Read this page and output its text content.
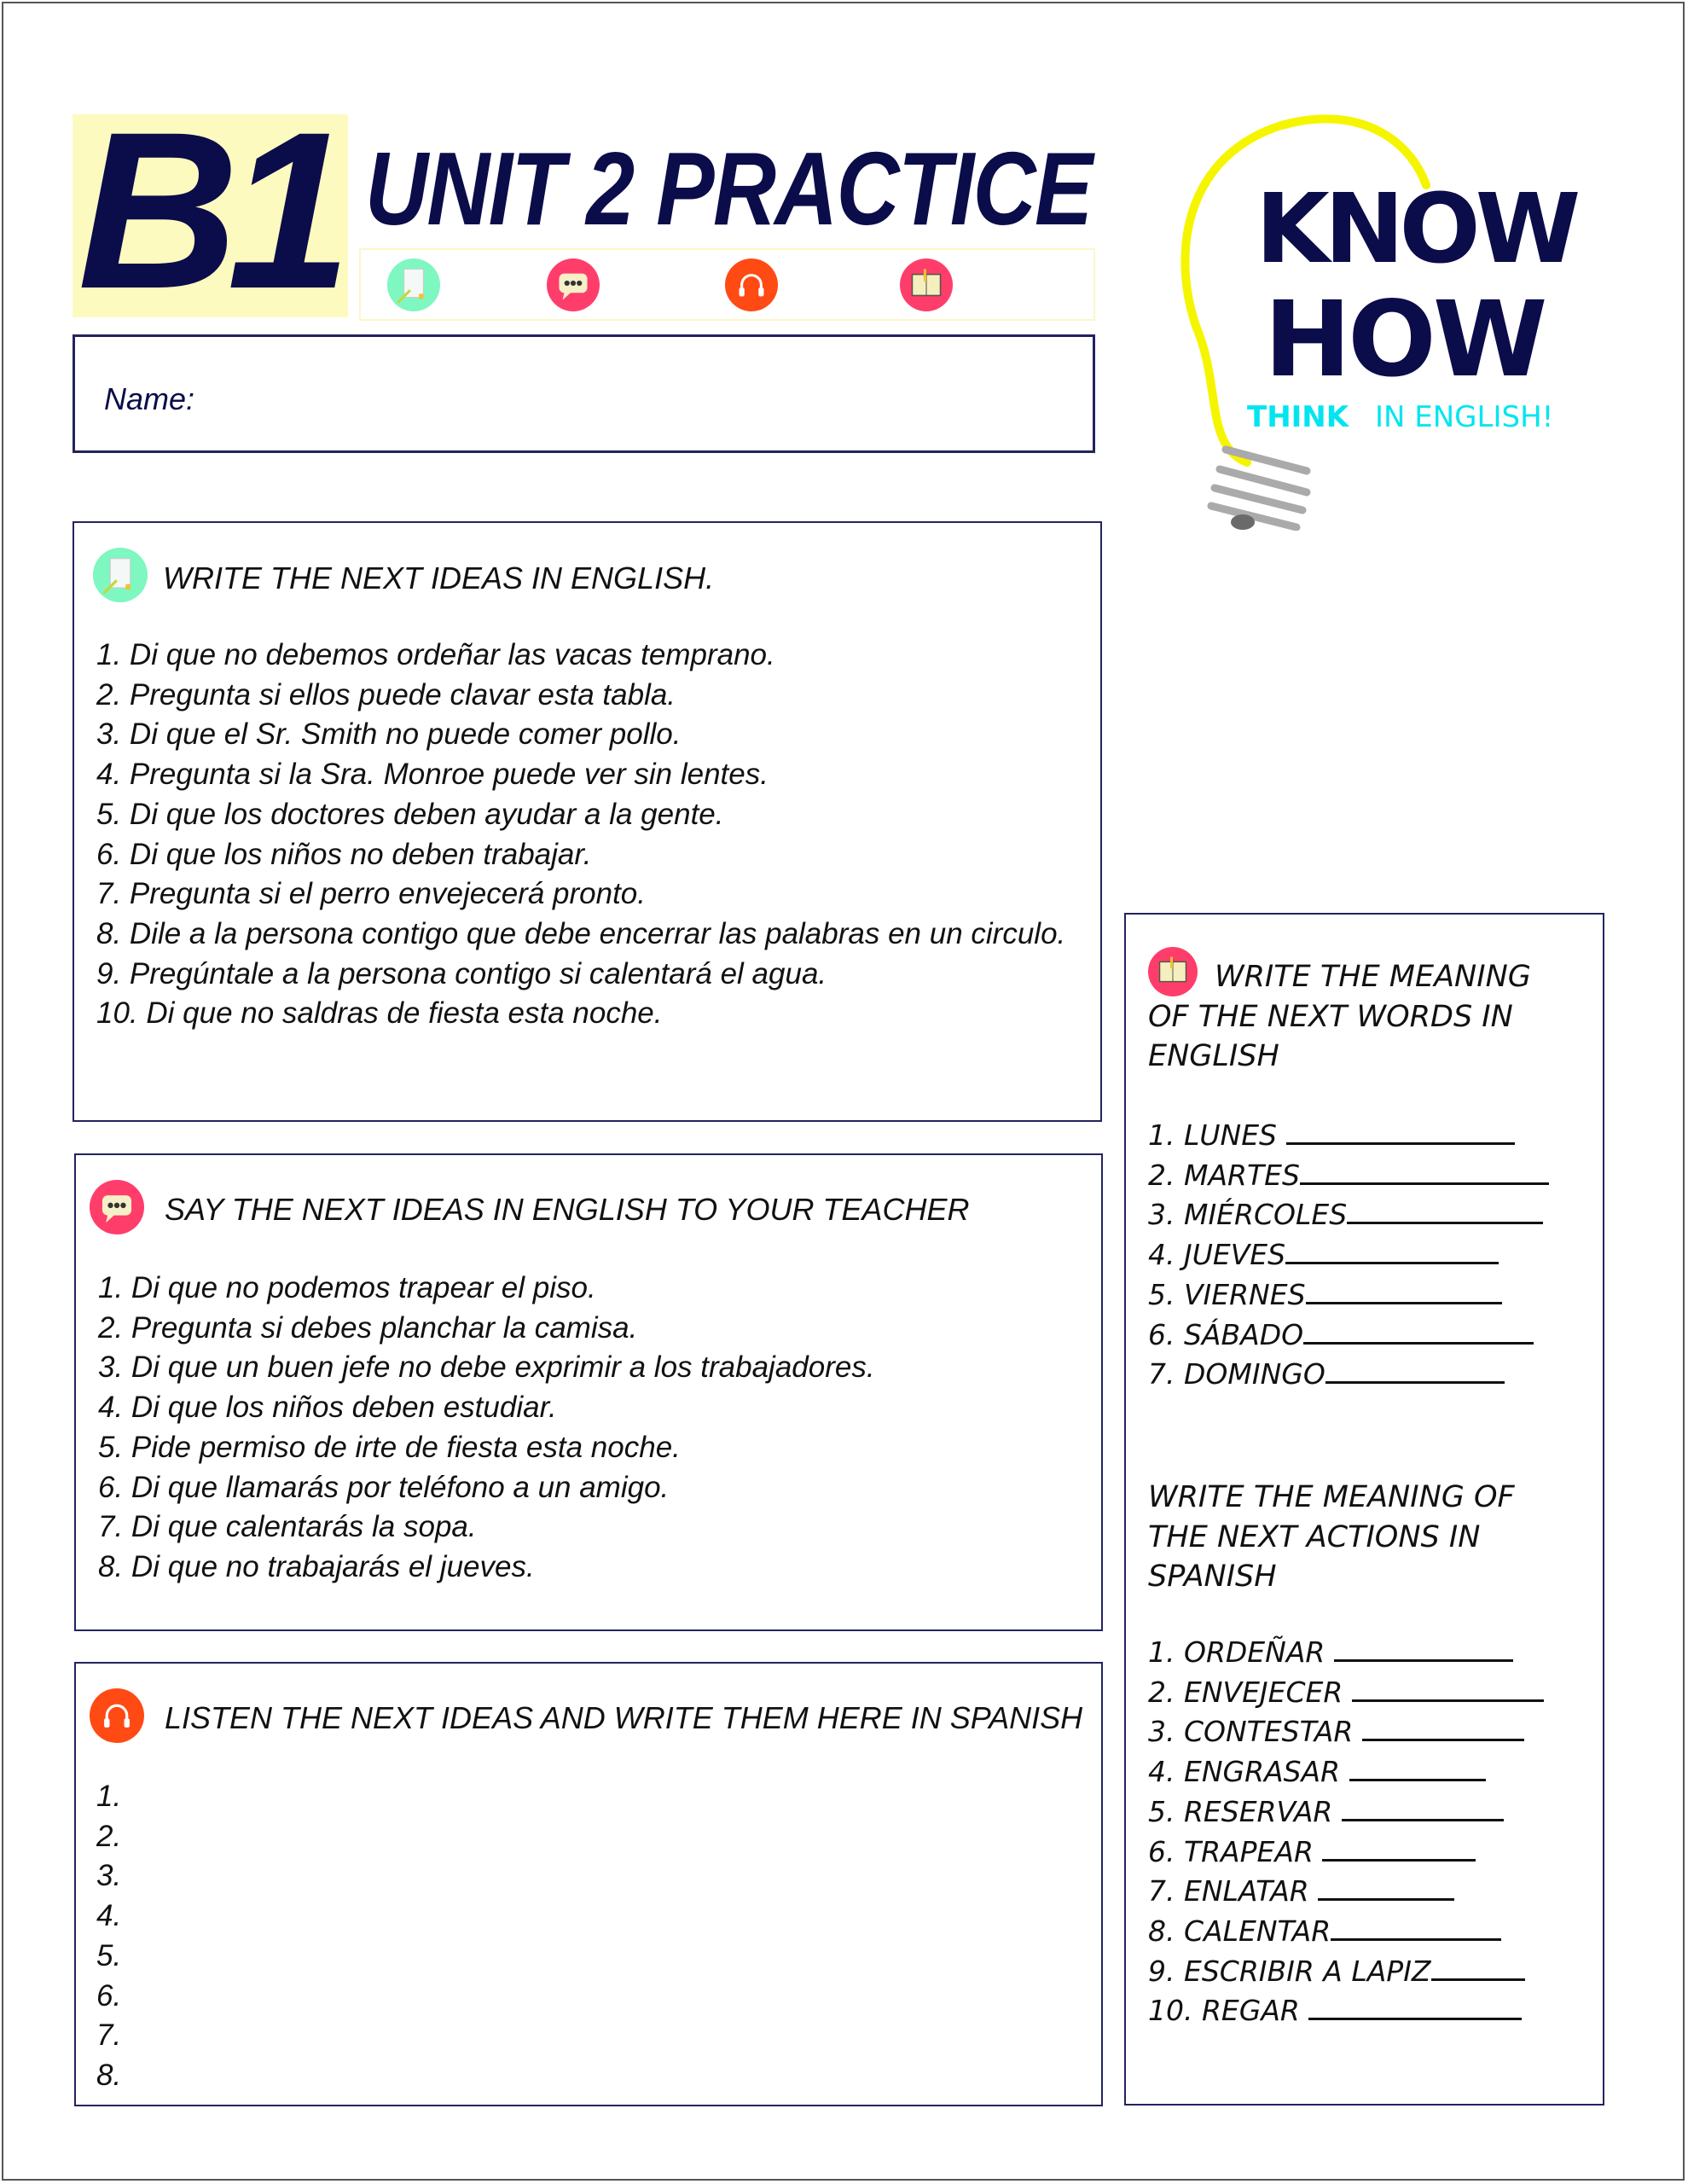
B1 UNIT 2 PRACTICE
Name:
KNOW
HOW
THINK IN ENGLISH!
WRITE THE NEXT IDEAS IN ENGLISH.
1. Di que no debemos ordeñar las vacas temprano.
2. Pregunta si ellos puede clavar esta tabla.
3. Di que el Sr. Smith no puede comer pollo.
4. Pregunta si la Sra. Monroe puede ver sin lentes.
5. Di que los doctores deben ayudar a la gente.
6. Di que los niños no deben trabajar.
7. Pregunta si el perro envejecerá pronto.
8. Dile a la persona contigo que debe encerrar las palabras en un circulo.
9. Pregúntale a la persona contigo si calentará el agua.
10. Di que no saldras de fiesta esta noche.
SAY THE NEXT IDEAS IN ENGLISH TO YOUR TEACHER
1. Di que no podemos trapear el piso.
2. Pregunta si debes planchar la camisa.
3. Di que un buen jefe no debe exprimir a los trabajadores.
4. Di que los niños deben estudiar.
5. Pide permiso de irte de fiesta esta noche.
6. Di que llamarás por teléfono a un amigo.
7. Di que calentarás la sopa.
8. Di que no trabajarás el jueves.
LISTEN THE NEXT IDEAS AND WRITE THEM HERE IN SPANISH
1.
2.
3.
4.
5.
6.
7.
8.
WRITE THE MEANING OF THE NEXT WORDS IN ENGLISH
1. LUNES
2. MARTES
3. MIÉRCOLES
4. JUEVES
5. VIERNES
6. SÁBADO
7. DOMINGO
WRITE THE MEANING OF THE NEXT ACTIONS IN SPANISH
1. ORDEÑAR
2. ENVEJECER
3. CONTESTAR
4. ENGRASAR
5. RESERVAR
6. TRAPEAR
7. ENLATAR
8. CALENTAR
9. ESCRIBIR A LAPIZ
10. REGAR
